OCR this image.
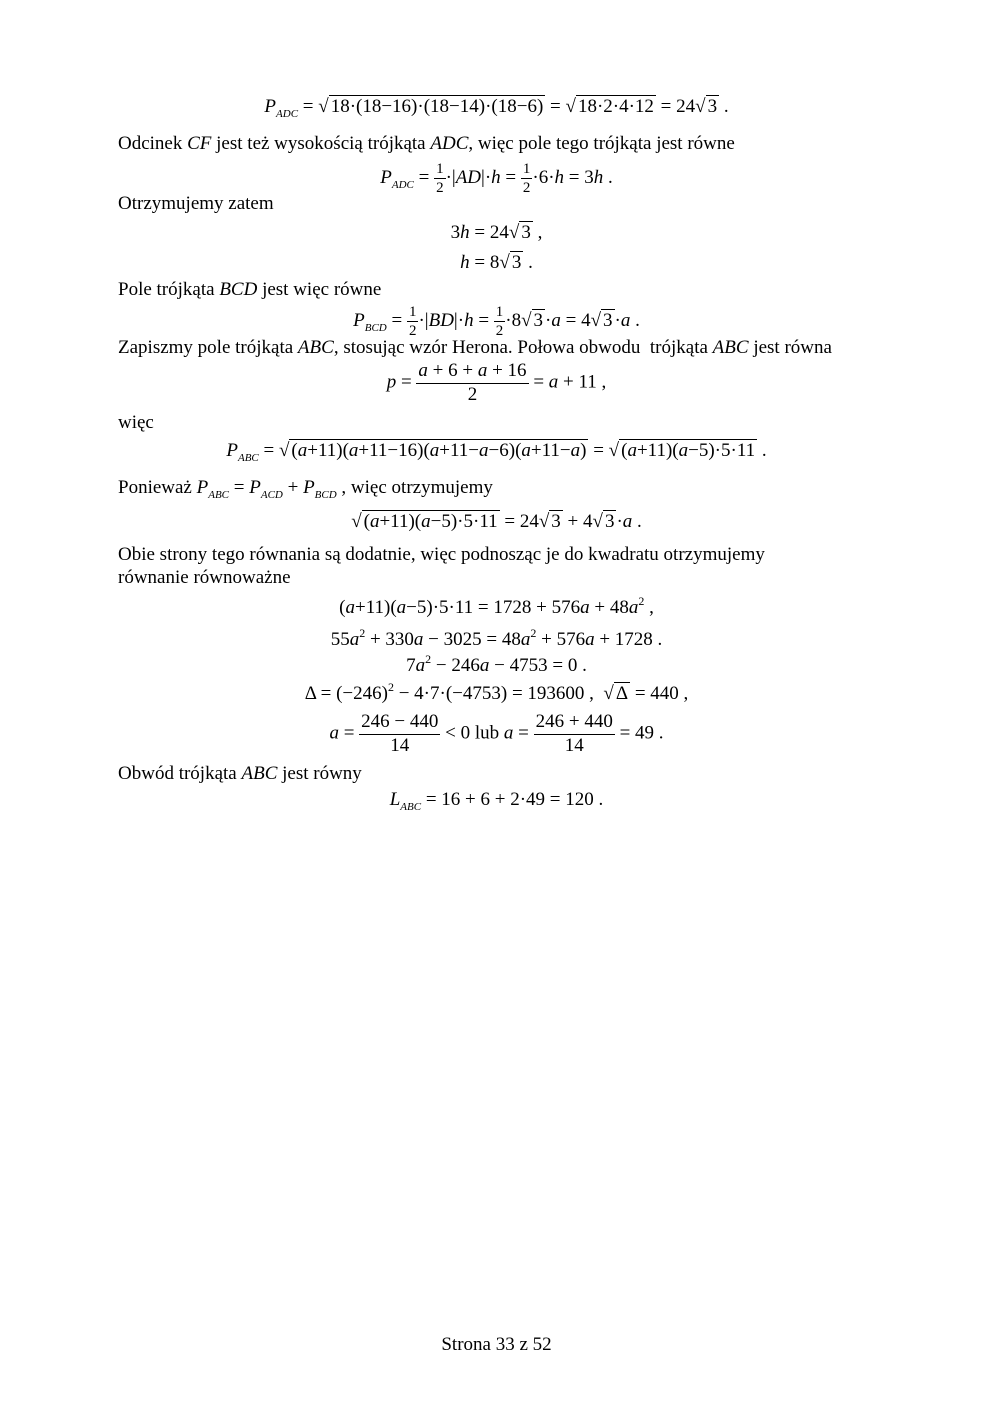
$P_{ADC}$ = √ 18·(18−16)·(18−14)·(18−6) = √ 18·2·4·12 = 24√ 3 .
Odcinek CF jest też wysokością trójkąta ADC, więc pole tego trójkąta jest równe
$P_{ADC} = \frac{1}{2} \cdot|AD|\cdot h = \frac{1}{2} \cdot 6\cdot h = 3h$ .
Otrzymujemy zatem
3h = 24√ 3 ,
h = 8√ 3 .
Pole trójkąta BCD jest więc równe
$P_{BCD} = \frac{1}{2} \cdot|BD|\cdot h = \frac{1}{2} \cdot 8√$ 3 ·a = 4√ 3 ·a .
Zapiszmy pole trójkąta ABC, stosując wzór Herona. Połowa obwodu  trójkąta ABC jest równa
$p = \frac{a + 6 + a + 16}{2} = a + 11$ ,
więc
$P_{ABC}$ = √ (a+11)(a+11−16)(a+11−a−6)(a+11−a) = √ (a+11)(a−5)·5·11 .
Ponieważ $P_{ABC} = P_{ACD} + P_{BCD}$ , więc otrzymujemy
√ (a+11)(a−5)·5·11 = 24√ 3 + 4√ 3 ·a .
Obie strony tego równania są dodatnie, więc podnosząc je do kwadratu otrzymujemy
równanie równoważne
$(a+11)(a-5)\cdot 5\cdot 11 = 1728 + 576a + 48a^2$ ,
$55a^2 + 330a - 3025 = 48a^2 + 576a + 1728$ .
$7a^2 - 246a - 4753 = 0$ .
$\Delta = (-246)^2 - 4\cdot 7\cdot(-4753) = 193600$ ,  √ Δ = 440 ,
$a = \frac{246 - 440}{14} < 0$ lub $a = \frac{246 + 440}{14} = 49$ .
Obwód trójkąta ABC jest równy
$L_{ABC} = 16 + 6 + 2\cdot 49 = 120$ .
Strona 33 z 52
